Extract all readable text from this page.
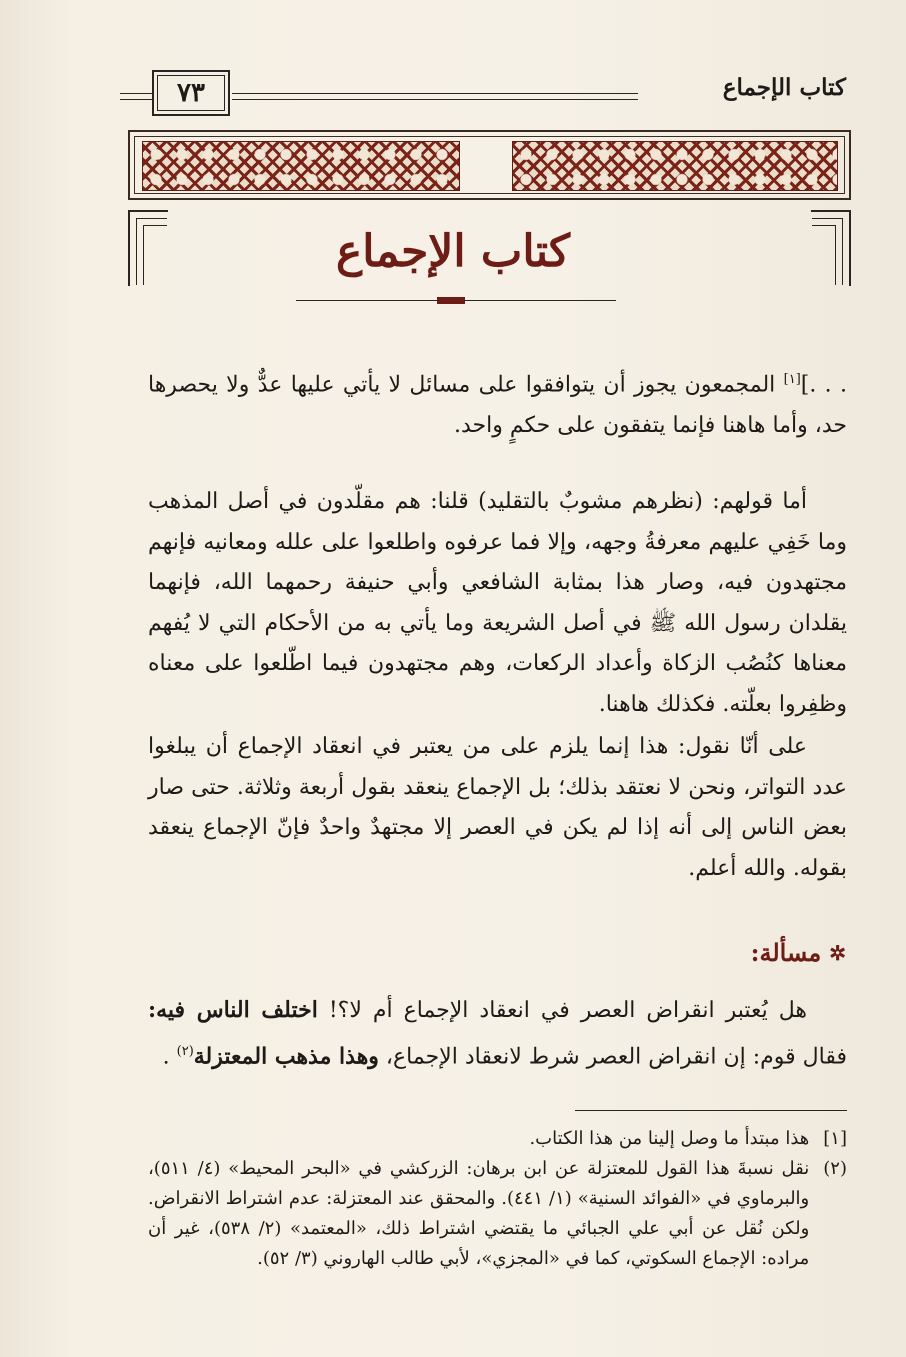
كتاب الإجماع
٧٣
كتاب الإجماع
. . .][١] المجمعون يجوز أن يتوافقوا على مسائل لا يأتي عليها عدٌّ ولا يحصرها حد، وأما هاهنا فإنما يتفقون على حكمٍ واحد.
أما قولهم: (نظرهم مشوبٌ بالتقليد) قلنا: هم مقلّدون في أصل المذهب وما خَفِي عليهم معرفةُ وجهه، وإلا فما عرفوه واطلعوا على علله ومعانيه فإنهم مجتهدون فيه، وصار هذا بمثابة الشافعي وأبي حنيفة رحمهما الله، فإنهما يقلدان رسول الله ﷺ في أصل الشريعة وما يأتي به من الأحكام التي لا يُفهم معناها كنُصُب الزكاة وأعداد الركعات، وهم مجتهدون فيما اطّلعوا على معناه وظفِروا بعلّته. فكذلك هاهنا.
على أنّا نقول: هذا إنما يلزم على من يعتبر في انعقاد الإجماع أن يبلغوا عدد التواتر، ونحن لا نعتقد بذلك؛ بل الإجماع ينعقد بقول أربعة وثلاثة. حتى صار بعض الناس إلى أنه إذا لم يكن في العصر إلا مجتهدٌ واحدٌ فإنّ الإجماع ينعقد بقوله. والله أعلم.
✲
مسألة:
هل يُعتبر انقراض العصر في انعقاد الإجماع أم لا؟! اختلف الناس فيه: فقال قوم: إن انقراض العصر شرط لانعقاد الإجماع، وهذا مذهب المعتزلة$^{(٢)}$ .
[١]
هذا مبتدأ ما وصل إلينا من هذا الكتاب.
(٢)
نقل نسبةَ هذا القول للمعتزلة عن ابن برهان: الزركشي في «البحر المحيط» (٤/ ٥١١)، والبرماوي في «الفوائد السنية» (١/ ٤٤١). والمحقق عند المعتزلة: عدم اشتراط الانقراض. ولكن نُقل عن أبي علي الجبائي ما يقتضي اشتراط ذلك، «المعتمد» (٢/ ٥٣٨)، غير أن مراده: الإجماع السكوتي، كما في «المجزي»، لأبي طالب الهاروني (٣/ ٥٢).
